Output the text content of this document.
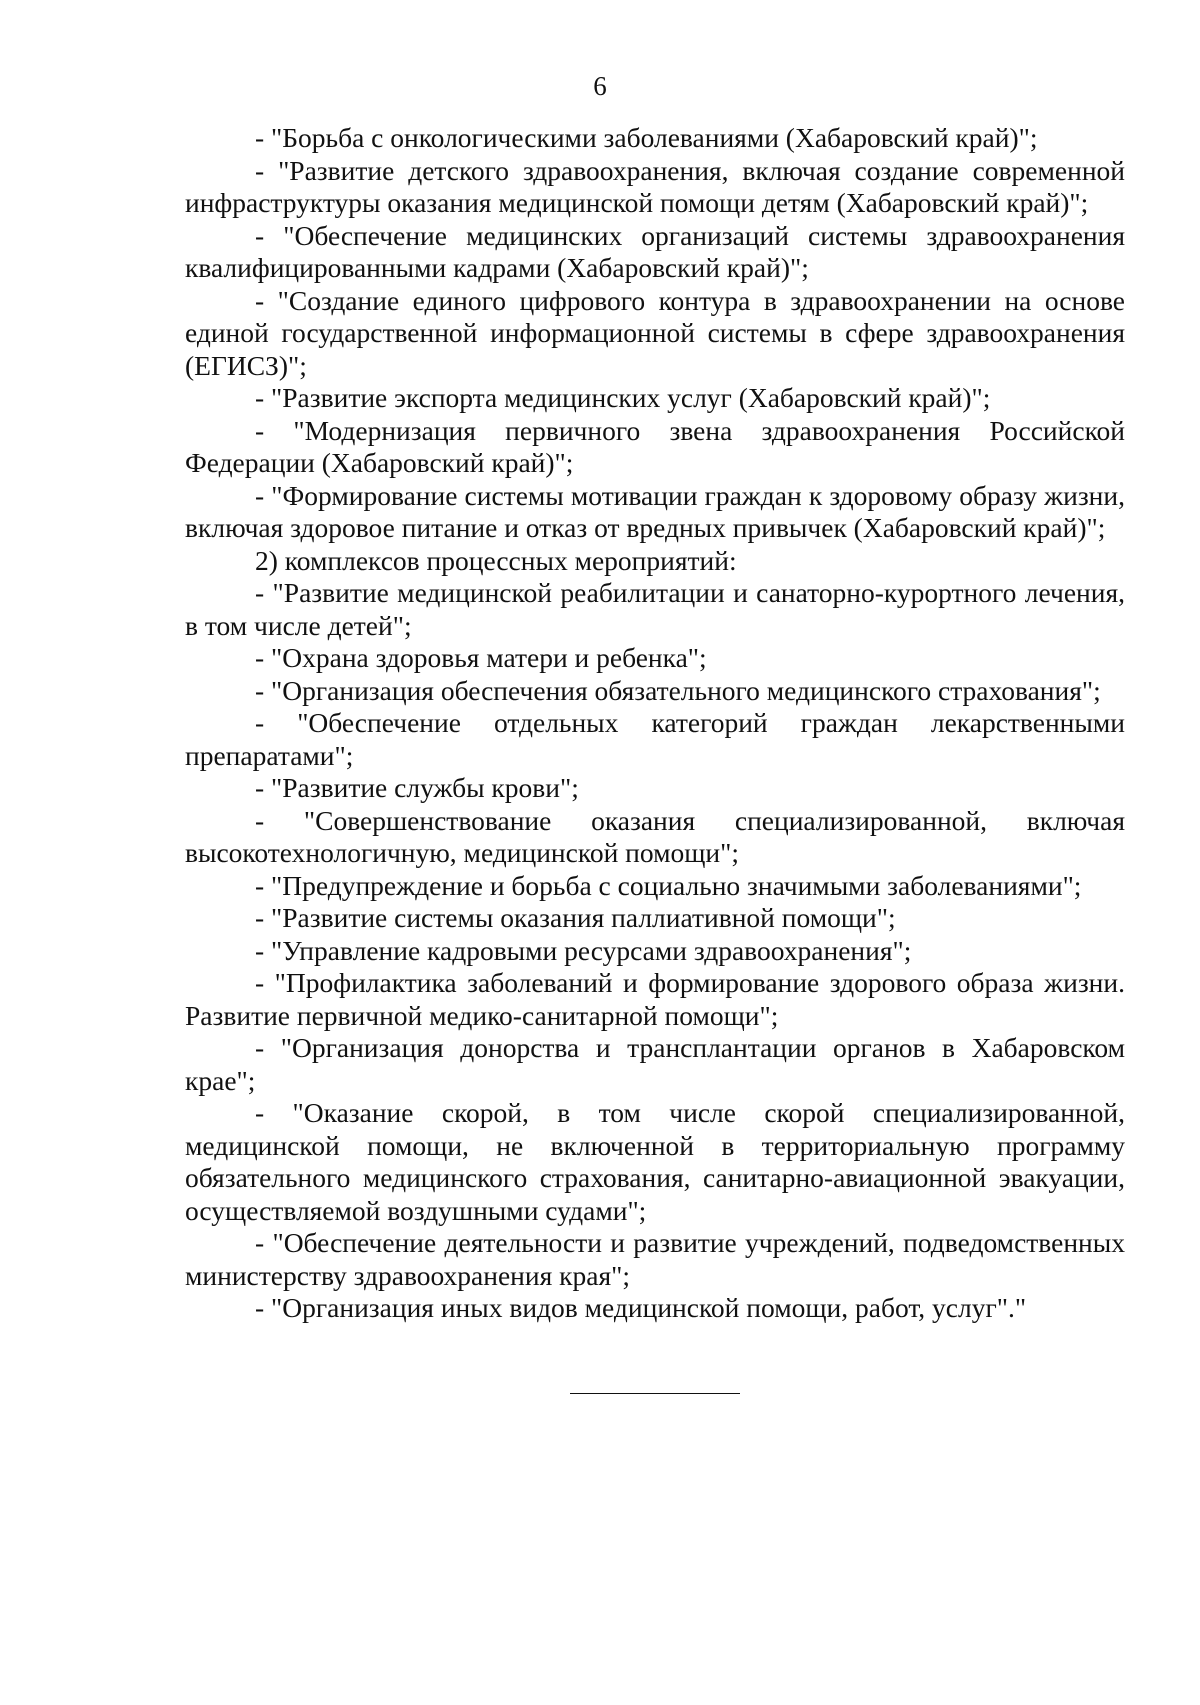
6

- "Борьба с онкологическими заболеваниями (Хабаровский край)";

- "Развитие детского здравоохранения, включая создание современной инфраструктуры оказания медицинской помощи детям (Хабаровский край)";

- "Обеспечение медицинских организаций системы здравоохранения квалифицированными кадрами (Хабаровский край)";

- "Создание единого цифрового контура в здравоохранении на основе единой государственной информационной системы в сфере здравоохранения (ЕГИСЗ)";

- "Развитие экспорта медицинских услуг (Хабаровский край)";

- "Модернизация первичного звена здравоохранения Российской Федерации (Хабаровский край)";

- "Формирование системы мотивации граждан к здоровому образу жизни, включая здоровое питание и отказ от вредных привычек (Хабаровский край)";

2) комплексов процессных мероприятий:

- "Развитие медицинской реабилитации и санаторно-курортного лечения, в том числе детей";

- "Охрана здоровья матери и ребенка";

- "Организация обеспечения обязательного медицинского страхования";

- "Обеспечение отдельных категорий граждан лекарственными препаратами";

- "Развитие службы крови";

- "Совершенствование оказания специализированной, включая высокотехнологичную, медицинской помощи";

- "Предупреждение и борьба с социально значимыми заболеваниями";

- "Развитие системы оказания паллиативной помощи";

- "Управление кадровыми ресурсами здравоохранения";

- "Профилактика заболеваний и формирование здорового образа жизни. Развитие первичной медико-санитарной помощи";

- "Организация донорства и трансплантации органов в Хабаровском крае";

- "Оказание скорой, в том числе скорой специализированной, медицинской помощи, не включенной в территориальную программу обязательного медицинского страхования, санитарно-авиационной эвакуации, осуществляемой воздушными судами";

- "Обеспечение деятельности и развитие учреждений, подведомственных министерству здравоохранения края";

- "Организация иных видов медицинской помощи, работ, услуг"."
